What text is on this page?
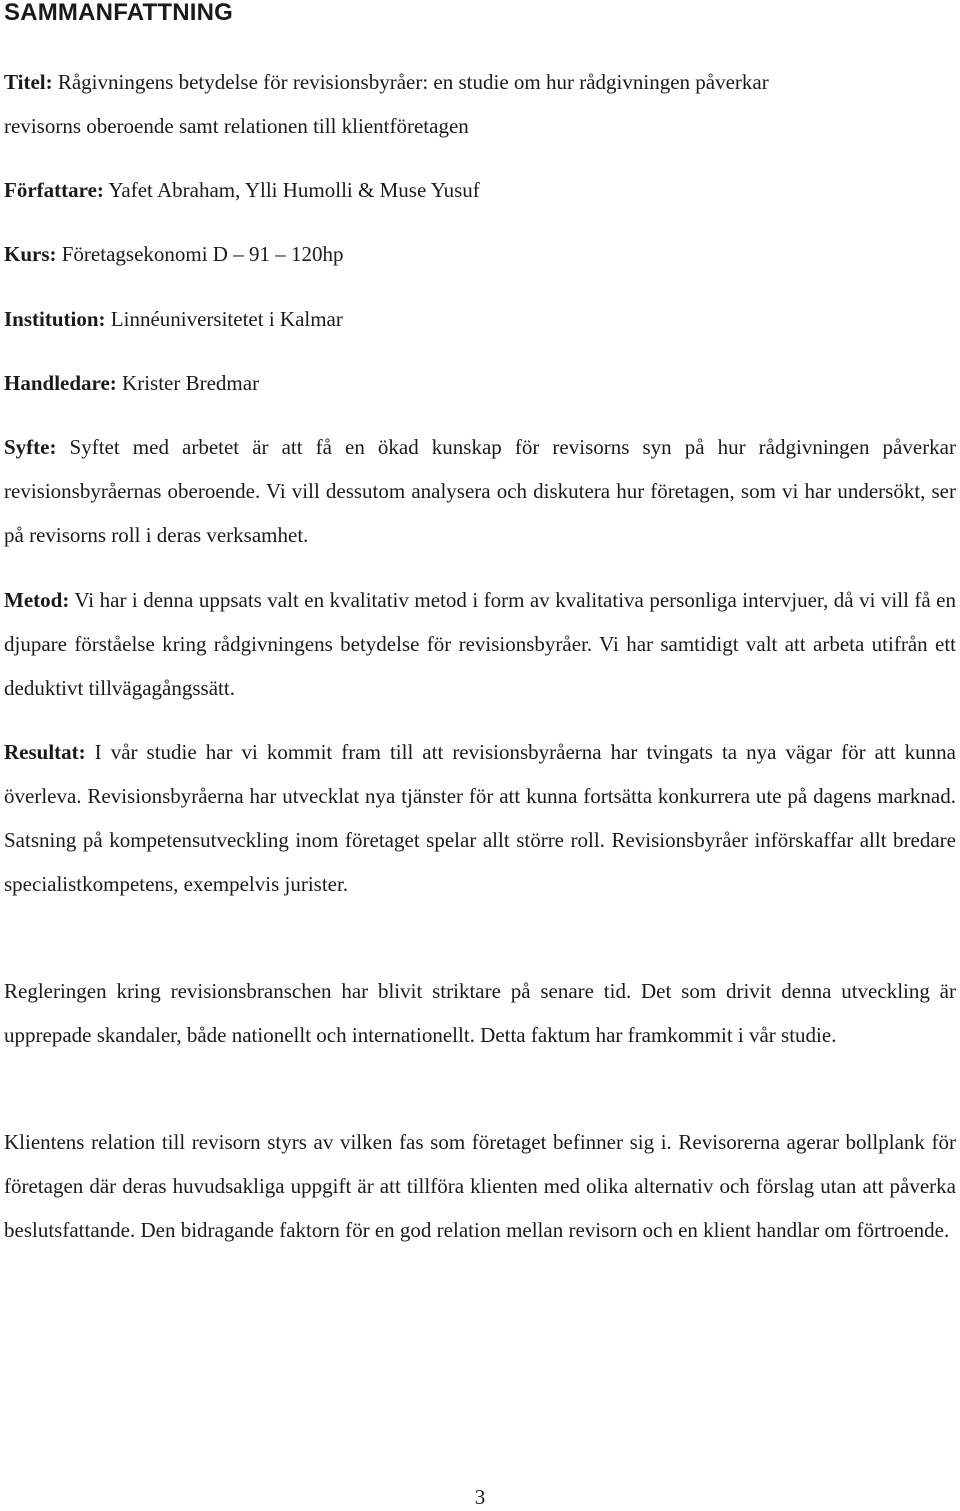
SAMMANFATTNING

Titel: Rågivningens betydelse för revisionsbyråer: en studie om hur rådgivningen påverkar

revisorns oberoende samt relationen till klientföretagen

Författare: Yafet Abraham, Ylli Humolli & Muse Yusuf

Kurs: Företagsekonomi D – 91 – 120hp

Institution: Linnéuniversitetet i Kalmar

Handledare: Krister Bredmar

Syfte: Syftet med arbetet är att få en ökad kunskap för revisorns syn på hur rådgivningen påverkar revisionsbyråernas oberoende. Vi vill dessutom analysera och diskutera hur företagen, som vi har undersökt, ser på revisorns roll i deras verksamhet.

Metod: Vi har i denna uppsats valt en kvalitativ metod i form av kvalitativa personliga intervjuer, då vi vill få en djupare förståelse kring rådgivningens betydelse för revisionsbyråer. Vi har samtidigt valt att arbeta utifrån ett deduktivt tillvägagångssätt.

Resultat: I vår studie har vi kommit fram till att revisionsbyråerna har tvingats ta nya vägar för att kunna överleva. Revisionsbyråerna har utvecklat nya tjänster för att kunna fortsätta konkurrera ute på dagens marknad. Satsning på kompetensutveckling inom företaget spelar allt större roll. Revisionsbyråer införskaffar allt bredare specialistkompetens, exempelvis jurister.

Regleringen kring revisionsbranschen har blivit striktare på senare tid. Det som drivit denna utveckling är upprepade skandaler, både nationellt och internationellt. Detta faktum har framkommit i vår studie.

Klientens relation till revisorn styrs av vilken fas som företaget befinner sig i. Revisorerna agerar bollplank för företagen där deras huvudsakliga uppgift är att tillföra klienten med olika alternativ och förslag utan att påverka beslutsfattande. Den bidragande faktorn för en god relation mellan revisorn och en klient handlar om förtroende.

3
